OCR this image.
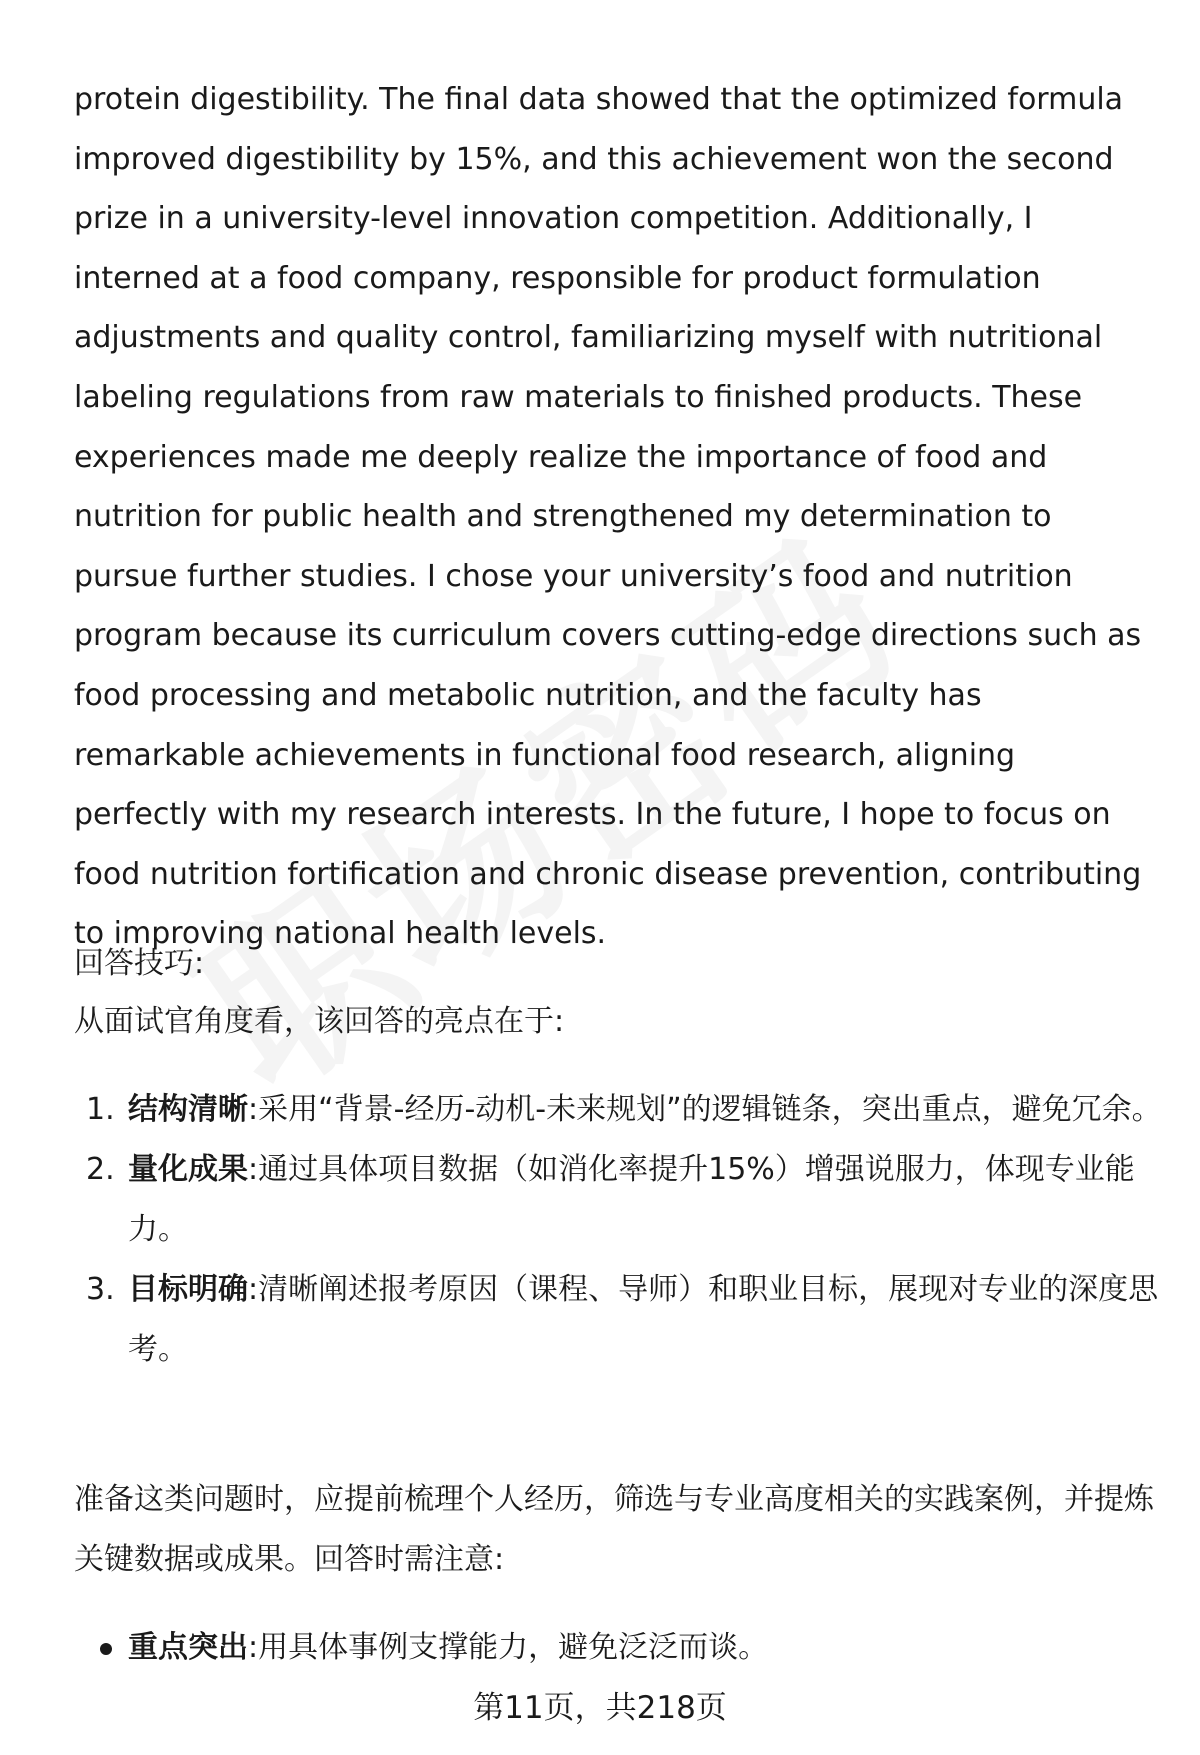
protein digestibility. The final data showed that the optimized formula improved digestibility by 15%, and this achievement won the second prize in a university-level innovation competition. Additionally, I interned at a food company, responsible for product formulation adjustments and quality control, familiarizing myself with nutritional labeling regulations from raw materials to finished products. These experiences made me deeply realize the importance of food and nutrition for public health and strengthened my determination to pursue further studies. I chose your university’s food and nutrition program because its curriculum covers cutting-edge directions such as food processing and metabolic nutrition, and the faculty has remarkable achievements in functional food research, aligning perfectly with my research interests. In the future, I hope to focus on food nutrition fortification and chronic disease prevention, contributing to improving national health levels.

回答技巧:

从面试官角度看，该回答的亮点在于:

1. 结构清晰:采用“背景-经历-动机-未来规划”的逻辑链条，突出重点，避免冗余。
2. 量化成果:通过具体项目数据（如消化率提升15%）增强说服力，体现专业能力。
3. 目标明确:清晰阐述报考原因（课程、导师）和职业目标，展现对专业的深度思考。

准备这类问题时，应提前梳理个人经历，筛选与专业高度相关的实践案例，并提炼关键数据或成果。回答时需注意:

重点突出:用具体事例支撑能力，避免泛泛而谈。
第11页，共218页
